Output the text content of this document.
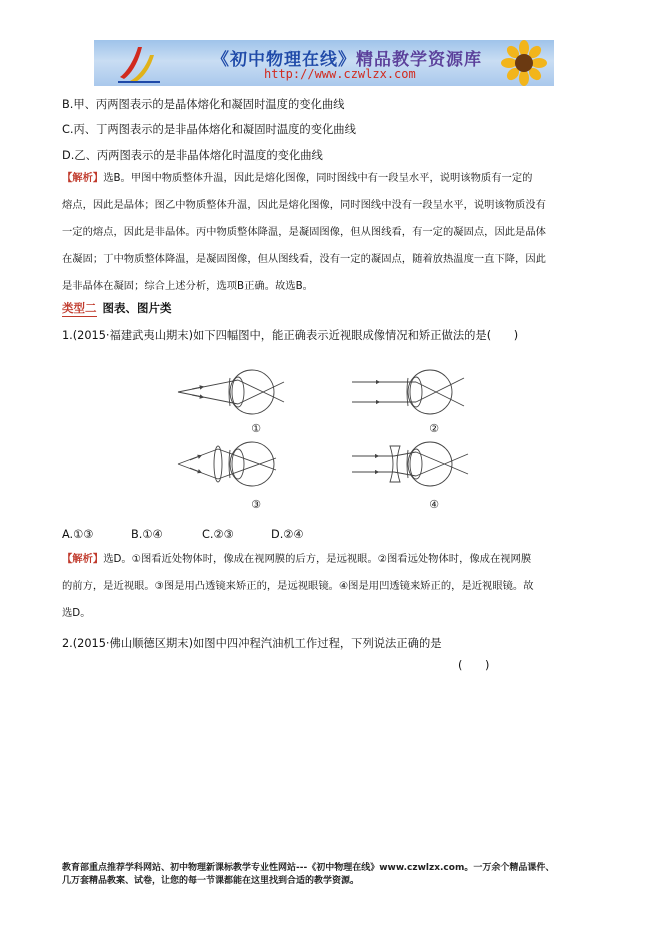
《初中物理在线》精品教学资源库
http://www.czwlzx.com
B.甲、丙两图表示的是晶体熔化和凝固时温度的变化曲线
C.丙、丁两图表示的是非晶体熔化和凝固时温度的变化曲线
D.乙、丙两图表示的是非晶体熔化时温度的变化曲线
【解析】选B。甲图中物质整体升温，因此是熔化图像，同时图线中有一段呈水平，说明该物质有一定的
熔点，因此是晶体；图乙中物质整体升温，因此是熔化图像，同时图线中没有一段呈水平，说明该物质没有
一定的熔点，因此是非晶体。丙中物质整体降温，是凝固图像，但从图线看，有一定的凝固点，因此是晶体
在凝固；丁中物质整体降温，是凝固图像，但从图线看，没有一定的凝固点，随着放热温度一直下降，因此
是非晶体在凝固；综合上述分析，选项B正确。故选B。
类型二 图表、图片类
1.(2015·福建武夷山期末)如下四幅图中，能正确表示近视眼成像情况和矫正做法的是(　　)
①	②
③	④
A.①③	B.①④	C.②③	D.②④
【解析】选D。①图看近处物体时，像成在视网膜的后方，是远视眼。②图看远处物体时，像成在视网膜
的前方，是近视眼。③图是用凸透镜来矫正的，是远视眼镜。④图是用凹透镜来矫正的，是近视眼镜。故
选D。
2.(2015·佛山顺德区期末)如图中四冲程汽油机工作过程，下列说法正确的是
(　　)
教育部重点推荐学科网站、初中物理新课标教学专业性网站---《初中物理在线》www.czwlzx.com。一万余个精品课件、
几万套精品教案、试卷，让您的每一节课都能在这里找到合适的教学资源。
